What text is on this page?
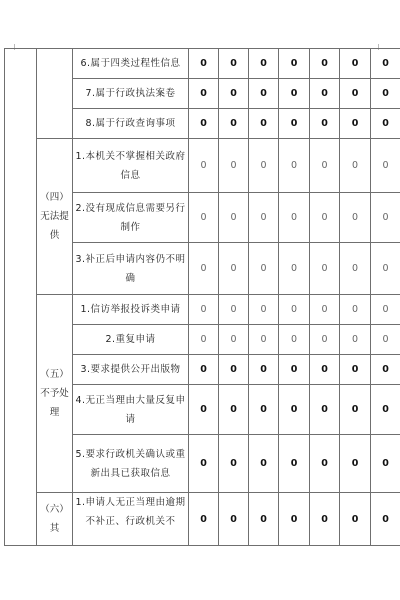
		6.属于四类过程性信息	0	0	0	0	0	0	0
		7.属于行政执法案卷	0	0	0	0	0	0	0
		8.属于行政查询事项	0	0	0	0	0	0	0
	（四）无法提供	1.本机关不掌握相关政府信息	0	0	0	0	0	0	0
		2.没有现成信息需要另行制作	0	0	0	0	0	0	0
		3.补正后申请内容仍不明确	0	0	0	0	0	0	0
	（五）不予处理	1.信访举报投诉类申请	0	0	0	0	0	0	0
		2.重复申请	0	0	0	0	0	0	0
		3.要求提供公开出版物	0	0	0	0	0	0	0
		4.无正当理由大量反复申请	0	0	0	0	0	0	0
		5.要求行政机关确认或重新出具已获取信息	0	0	0	0	0	0	0
	（六）其	1.申请人无正当理由逾期不补正、行政机关不	0	0	0	0	0	0	0
